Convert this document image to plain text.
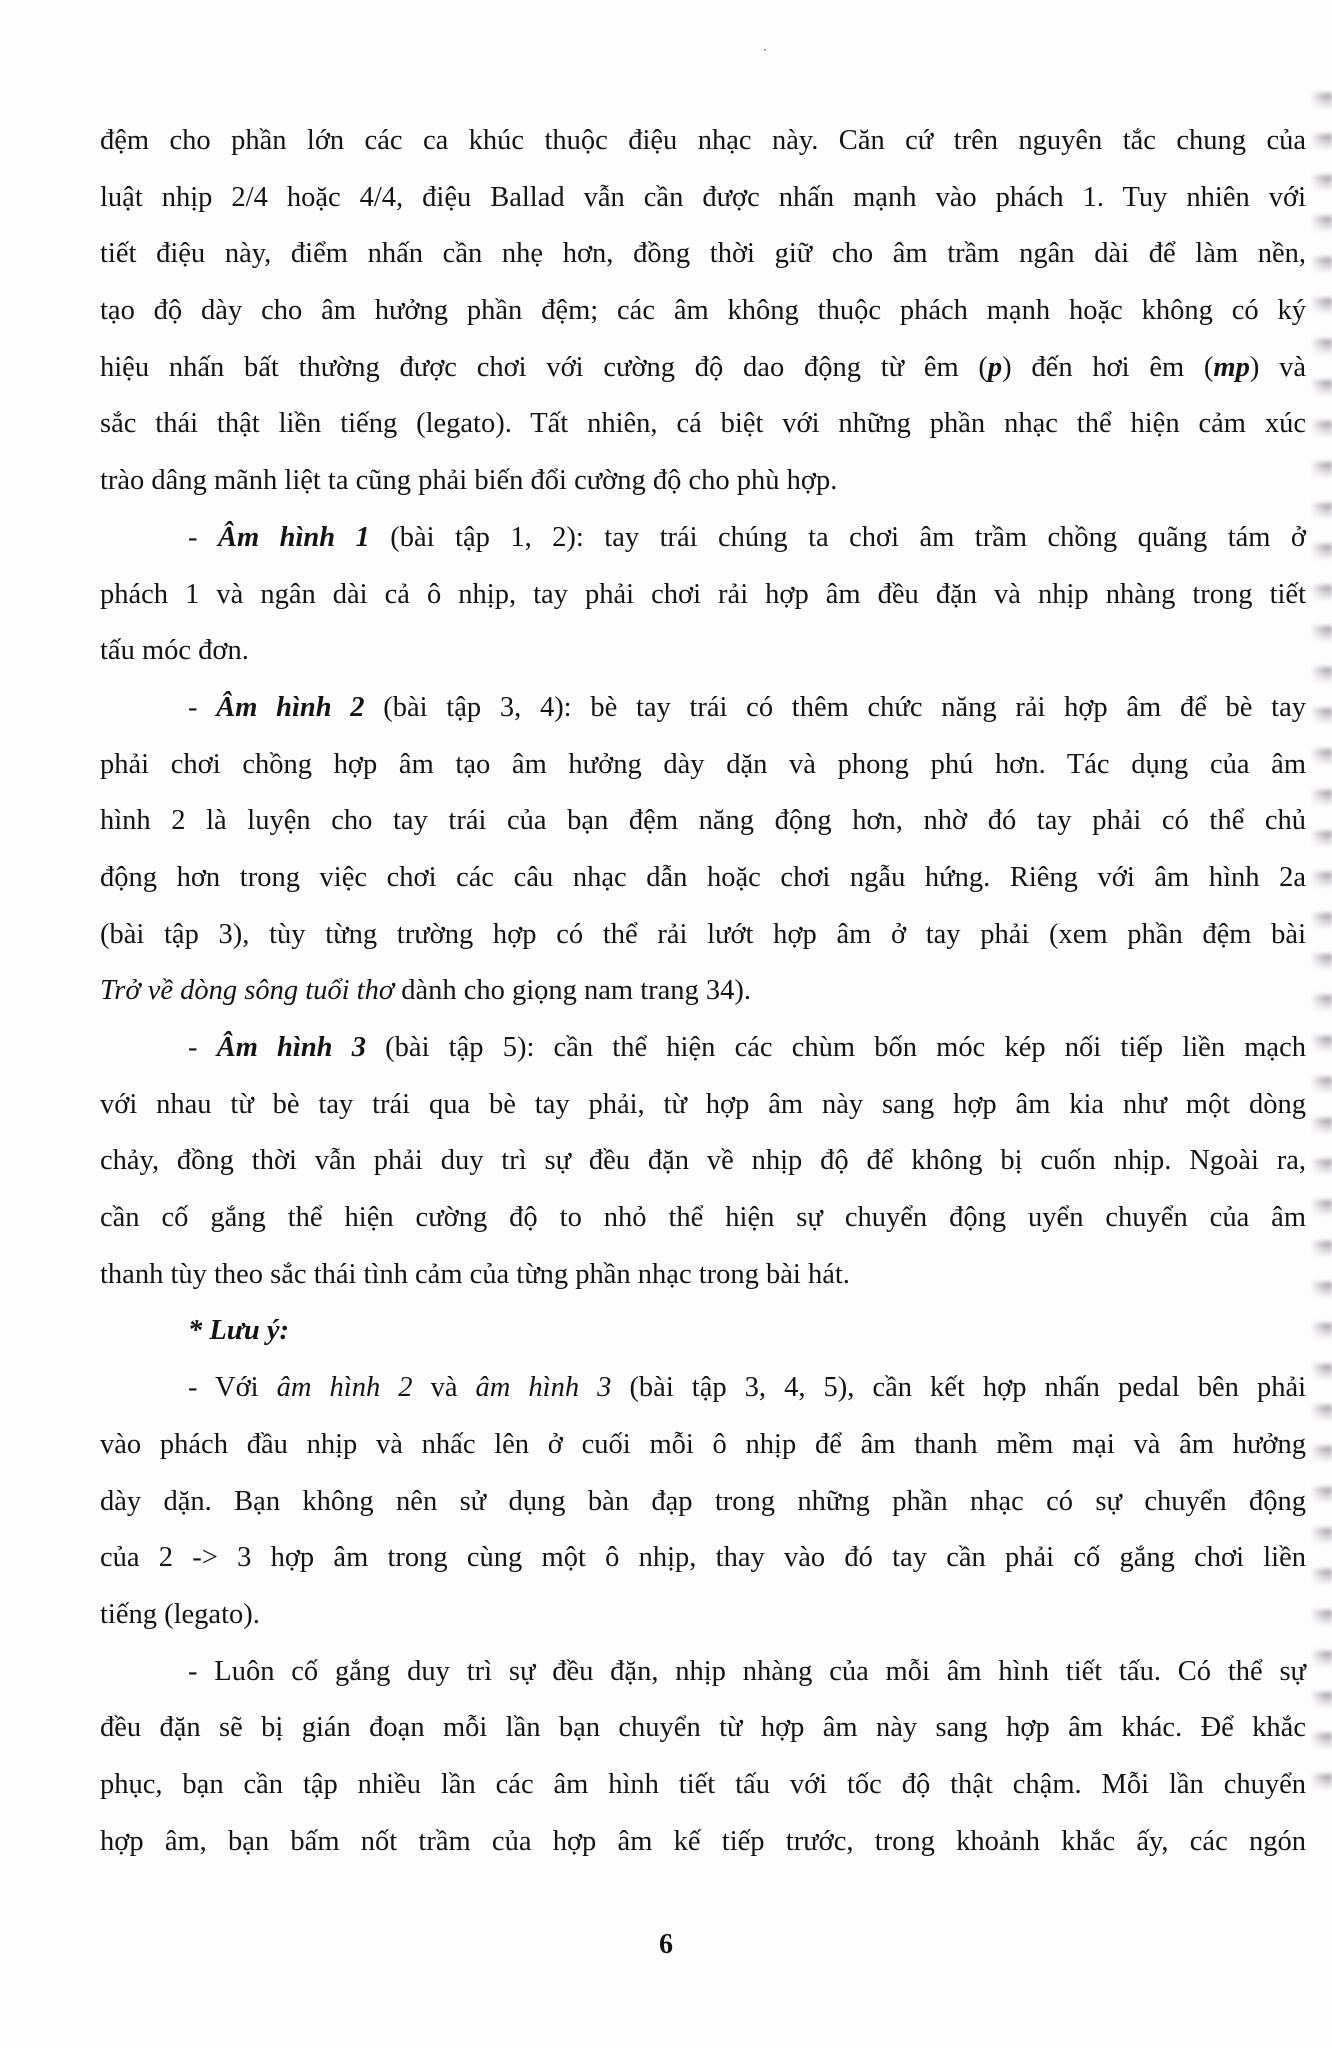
đệm cho phần lớn các ca khúc thuộc điệu nhạc này. Căn cứ trên nguyên tắc chung của
luật nhịp 2/4 hoặc 4/4, điệu Ballad vẫn cần được nhấn mạnh vào phách 1. Tuy nhiên với
tiết điệu này, điểm nhấn cần nhẹ hơn, đồng thời giữ cho âm trầm ngân dài để làm nền,
tạo độ dày cho âm hưởng phần đệm; các âm không thuộc phách mạnh hoặc không có ký
hiệu nhấn bất thường được chơi với cường độ dao động từ êm (p) đến hơi êm (mp) và
sắc thái thật liền tiếng (legato). Tất nhiên, cá biệt với những phần nhạc thể hiện cảm xúc
trào dâng mãnh liệt ta cũng phải biến đổi cường độ cho phù hợp.
- Âm hình 1 (bài tập 1, 2): tay trái chúng ta chơi âm trầm chồng quãng tám ở
phách 1 và ngân dài cả ô nhịp, tay phải chơi rải hợp âm đều đặn và nhịp nhàng trong tiết
tấu móc đơn.
- Âm hình 2 (bài tập 3, 4): bè tay trái có thêm chức năng rải hợp âm để bè tay
phải chơi chồng hợp âm tạo âm hưởng dày dặn và phong phú hơn. Tác dụng của âm
hình 2 là luyện cho tay trái của bạn đệm năng động hơn, nhờ đó tay phải có thể chủ
động hơn trong việc chơi các câu nhạc dẫn hoặc chơi ngẫu hứng. Riêng với âm hình 2a
(bài tập 3), tùy từng trường hợp có thể rải lướt hợp âm ở tay phải (xem phần đệm bài
Trở về dòng sông tuổi thơ dành cho giọng nam trang 34).
- Âm hình 3 (bài tập 5): cần thể hiện các chùm bốn móc kép nối tiếp liền mạch
với nhau từ bè tay trái qua bè tay phải, từ hợp âm này sang hợp âm kia như một dòng
chảy, đồng thời vẫn phải duy trì sự đều đặn về nhịp độ để không bị cuốn nhịp. Ngoài ra,
cần cố gắng thể hiện cường độ to nhỏ thể hiện sự chuyển động uyển chuyển của âm
thanh tùy theo sắc thái tình cảm của từng phần nhạc trong bài hát.
* Lưu ý:
- Với âm hình 2 và âm hình 3 (bài tập 3, 4, 5), cần kết hợp nhấn pedal bên phải
vào phách đầu nhịp và nhấc lên ở cuối mỗi ô nhịp để âm thanh mềm mại và âm hưởng
dày dặn. Bạn không nên sử dụng bàn đạp trong những phần nhạc có sự chuyển động
của 2 -> 3 hợp âm trong cùng một ô nhịp, thay vào đó tay cần phải cố gắng chơi liền
tiếng (legato).
- Luôn cố gắng duy trì sự đều đặn, nhịp nhàng của mỗi âm hình tiết tấu. Có thể sự
đều đặn sẽ bị gián đoạn mỗi lần bạn chuyển từ hợp âm này sang hợp âm khác. Để khắc
phục, bạn cần tập nhiều lần các âm hình tiết tấu với tốc độ thật chậm. Mỗi lần chuyển
hợp âm, bạn bấm nốt trầm của hợp âm kế tiếp trước, trong khoảnh khắc ấy, các ngón
6
